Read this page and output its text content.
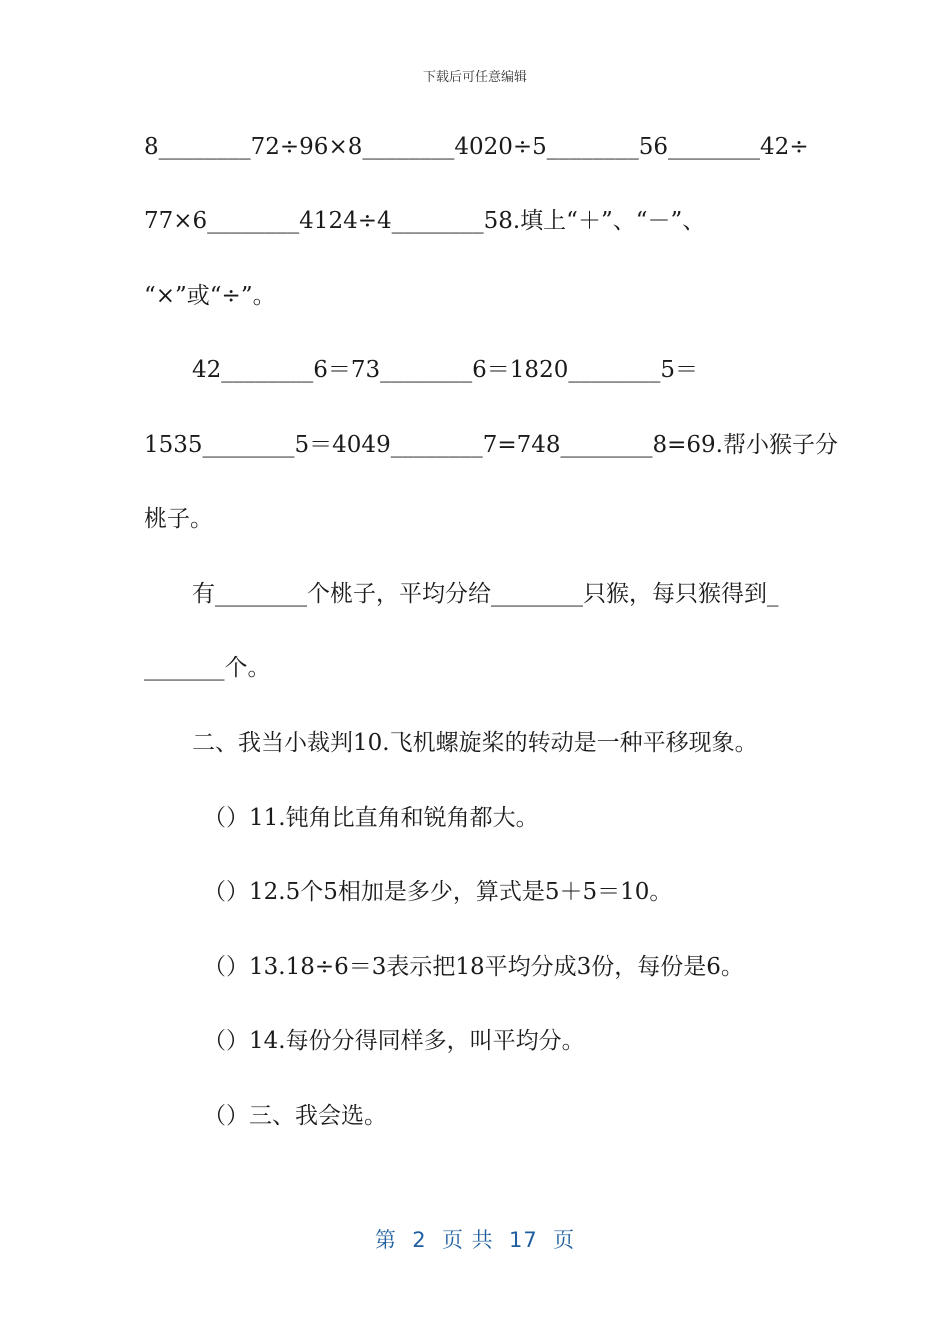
下载后可任意编辑
8________72÷96×8________4020÷5________56________42÷
77×6________4124÷4________58.填上“＋”、“－”、
“×”或“÷”。
42________6＝73________6＝1820________5＝
1535________5＝4049________7=748________8=69.帮小猴子分
桃子。
有________个桃子，平均分给________只猴，每只猴得到_
_______个。
二、我当小裁判10.飞机螺旋桨的转动是一种平移现象。
（）11.钝角比直角和锐角都大。
（）12.5个5相加是多少，算式是5＋5＝10。
（）13.18÷6＝3表示把18平均分成3份，每份是6。
（）14.每份分得同样多，叫平均分。
（）三、我会选。
第  2  页 共  17  页
